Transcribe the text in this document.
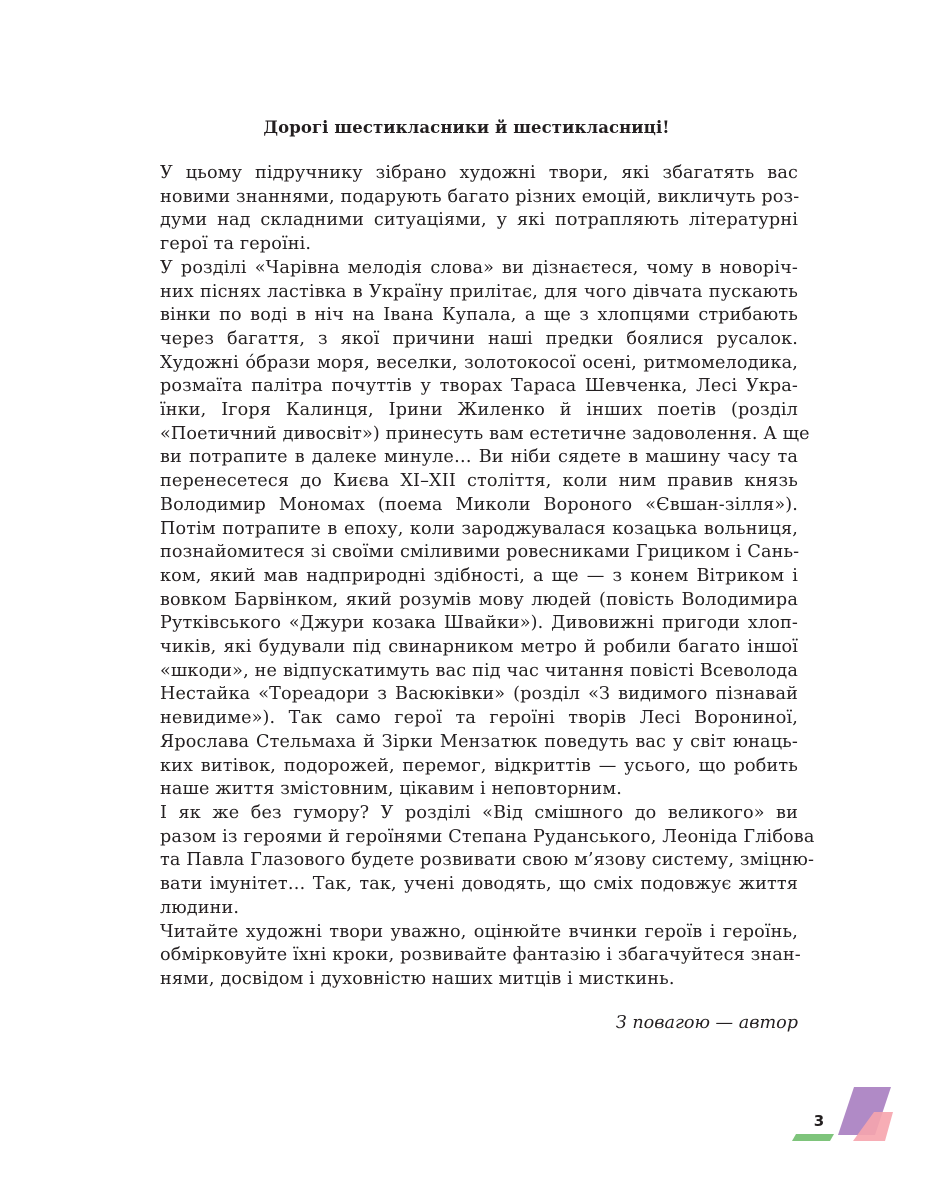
Дорогі шестикласники й шестикласниці!

У цьому підручнику зібрано художні твори, які збагатять вас
новими знаннями, подарують багато різних емоцій, викличуть роз-
думи над складними ситуаціями, у які потрапляють літературні
герої та героїні.

У розділі «Чарівна мелодія слова» ви дізнаєтеся, чому в новоріч-
них піснях ластівка в Україну прилітає, для чого дівчата пускають
вінки по воді в ніч на Івана Купала, а ще з хлопцями стрибають
через багаття, з якої причини наші предки боялися русалок.
Художні óбрази моря, веселки, золотокосої осені, ритмомелодика,
розмаїта палітра почуттів у творах Тараса Шевченка, Лесі Укра-
їнки, Ігоря Калинця, Ірини Жиленко й інших поетів (розділ
«Поетичний дивосвіт») принесуть вам естетичне задоволення. А ще
ви потрапите в далеке минуле… Ви ніби сядете в машину часу та
перенесетеся до Києва XI–XII століття, коли ним правив князь
Володимир Мономах (поема Миколи Вороного «Євшан-зілля»).
Потім потрапите в епоху, коли зароджувалася козацька вольниця,
познайомитеся зі своїми сміливими ровесниками Грициком і Сань-
ком, який мав надприродні здібності, а ще — з конем Вітриком і
вовком Барвінком, який розумів мову людей (повість Володимира
Рутківського «Джури козака Швайки»). Дивовижні пригоди хлоп-
чиків, які будували під свинарником метро й робили багато іншої
«шкоди», не відпускатимуть вас під час читання повісті Всеволода
Нестайка «Тореадори з Васюківки» (розділ «З видимого пізнавай
невидиме»). Так само герої та героїні творів Лесі Ворониної,
Ярослава Стельмаха й Зірки Мензатюк поведуть вас у світ юнаць-
ких витівок, подорожей, перемог, відкриттів — усього, що робить
наше життя змістовним, цікавим і неповторним.

І як же без гумору? У розділі «Від смішного до великого» ви
разом із героями й героїнями Степана Руданського, Леоніда Глібова
та Павла Глазового будете розвивати свою м’язову систему, зміцню-
вати імунітет… Так, так, учені доводять, що сміх подовжує життя
людини.

Читайте художні твори уважно, оцінюйте вчинки героїв і героїнь,
обмірковуйте їхні кроки, розвивайте фантазію і збагачуйтеся знан-
нями, досвідом і духовністю наших митців і мисткинь.

З повагою — автор
3
